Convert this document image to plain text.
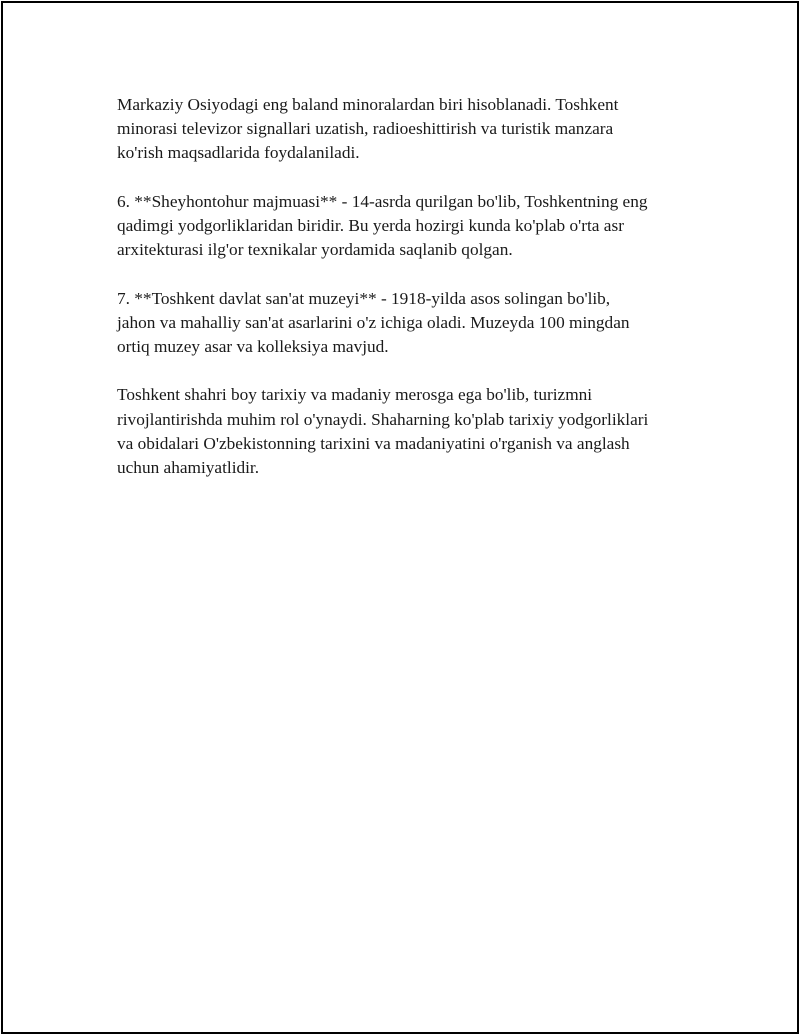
Markaziy Osiyodagi eng baland minoralardan biri hisoblanadi. Toshkent
minorasi televizor signallari uzatish, radioeshittirish va turistik manzara
ko'rish maqsadlarida foydalaniladi.

6. **Sheyhontohur majmuasi** - 14-asrda qurilgan bo'lib, Toshkentning eng
qadimgi yodgorliklaridan biridir. Bu yerda hozirgi kunda ko'plab o'rta asr
arxitekturasi ilg'or texnikalar yordamida saqlanib qolgan.

7. **Toshkent davlat san'at muzeyi** - 1918-yilda asos solingan bo'lib,
jahon va mahalliy san'at asarlarini o'z ichiga oladi. Muzeyda 100 mingdan
ortiq muzey asar va kolleksiya mavjud.

Toshkent shahri boy tarixiy va madaniy merosga ega bo'lib, turizmni
rivojlantirishda muhim rol o'ynaydi. Shaharning ko'plab tarixiy yodgorliklari
va obidalari O'zbekistonning tarixini va madaniyatini o'rganish va anglash
uchun ahamiyatlidir.
